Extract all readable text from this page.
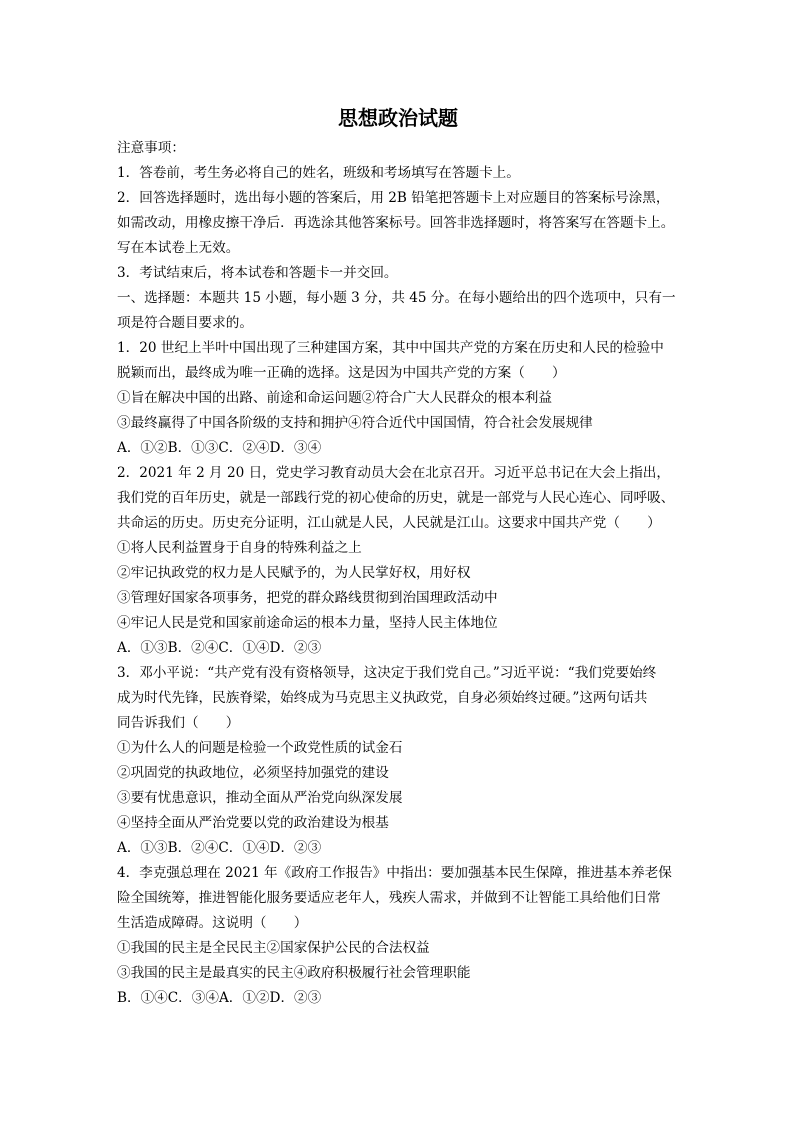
思想政治试题
注意事项：
1．答卷前，考生务必将自己的姓名，班级和考场填写在答题卡上。
2．回答选择题时，选出每小题的答案后，用 2B 铅笔把答题卡上对应题目的答案标号涂黑，
如需改动，用橡皮擦干净后．再选涂其他答案标号。回答非选择题时，将答案写在答题卡上。
写在本试卷上无效。
3．考试结束后，将本试卷和答题卡一并交回。
一、选择题：本题共 15 小题，每小题 3 分，共 45 分。在每小题给出的四个选项中，只有一
项是符合题目要求的。
1．20 世纪上半叶中国出现了三种建国方案，其中中国共产党的方案在历史和人民的检验中
脱颖而出，最终成为唯一正确的选择。这是因为中国共产党的方案（　　）
①旨在解决中国的出路、前途和命运问题②符合广大人民群众的根本利益
③最终赢得了中国各阶级的支持和拥护④符合近代中国国情，符合社会发展规律
A．①②B．①③C．②④D．③④
2．2021 年 2 月 20 日，党史学习教育动员大会在北京召开。习近平总书记在大会上指出，
我们党的百年历史，就是一部践行党的初心使命的历史，就是一部党与人民心连心、同呼吸、
共命运的历史。历史充分证明，江山就是人民，人民就是江山。这要求中国共产党（　　）
①将人民利益置身于自身的特殊利益之上
②牢记执政党的权力是人民赋予的，为人民掌好权，用好权
③管理好国家各项事务，把党的群众路线贯彻到治国理政活动中
④牢记人民是党和国家前途命运的根本力量，坚持人民主体地位
A．①③B．②④C．①④D．②③
3．邓小平说：“共产党有没有资格领导，这决定于我们党自己。”习近平说：“我们党要始终
成为时代先锋，民族脊梁，始终成为马克思主义执政党，自身必须始终过硬。”这两句话共
同告诉我们（　　）
①为什么人的问题是检验一个政党性质的试金石
②巩固党的执政地位，必须坚持加强党的建设
③要有忧患意识，推动全面从严治党向纵深发展
④坚持全面从严治党要以党的政治建设为根基
A．①③B．②④C．①④D．②③
4．李克强总理在 2021 年《政府工作报告》中指出：要加强基本民生保障，推进基本养老保
险全国统筹，推进智能化服务要适应老年人，残疾人需求，并做到不让智能工具给他们日常
生活造成障碍。这说明（　　）
①我国的民主是全民民主②国家保护公民的合法权益
③我国的民主是最真实的民主④政府积极履行社会管理职能
B．①④C．③④A．①②D．②③
